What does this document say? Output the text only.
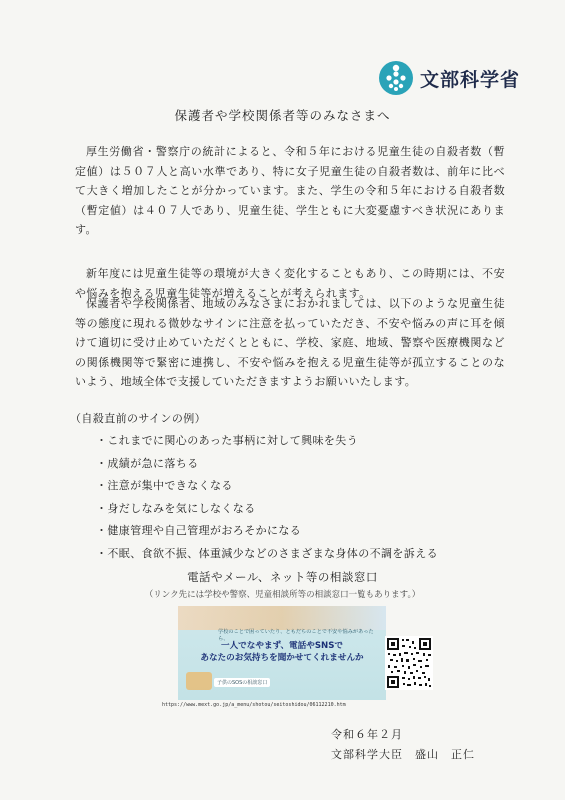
文部科学省
保護者や学校関係者等のみなさまへ

厚生労働省・警察庁の統計によると、令和５年における児童生徒の自殺者数（暫定値）は５０７人と高い水準であり、特に女子児童生徒の自殺者数は、前年に比べて大きく増加したことが分かっています。また、学生の令和５年における自殺者数（暫定値）は４０７人であり、児童生徒、学生ともに大変憂慮すべき状況にあります。

新年度には児童生徒等の環境が大きく変化することもあり、この時期には、不安や悩みを抱える児童生徒等が増えることが考えられます。

保護者や学校関係者、地域のみなさまにおかれましては、以下のような児童生徒等の態度に現れる微妙なサインに注意を払っていただき、不安や悩みの声に耳を傾けて適切に受け止めていただくとともに、学校、家庭、地域、警察や医療機関などの関係機関等で緊密に連携し、不安や悩みを抱える児童生徒等が孤立することのないよう、地域全体で支援していただきますようお願いいたします。

（自殺直前のサインの例）
・ これまでに関心のあった事柄に対して興味を失う
・ 成績が急に落ちる
・ 注意が集中できなくなる
・ 身だしなみを気にしなくなる
・ 健康管理や自己管理がおろそかになる
・ 不眠、食欲不振、体重減少などのさまざまな身体の不調を訴える
電話やメール、ネット等の相談窓口
（リンク先には学校や警察、児童相談所等の相談窓口一覧もあります。）
学校のことで困っていたり、ともだちのことで不安や悩みがあったら、
一人でなやまず、電話やSNSで
あなたのお気持ちを聞かせてくれませんか
子供のSOSの相談窓口
https://www.mext.go.jp/a_menu/shotou/seitoshidou/06112210.htm
令和６年２月
文部科学大臣　盛山　正仁
